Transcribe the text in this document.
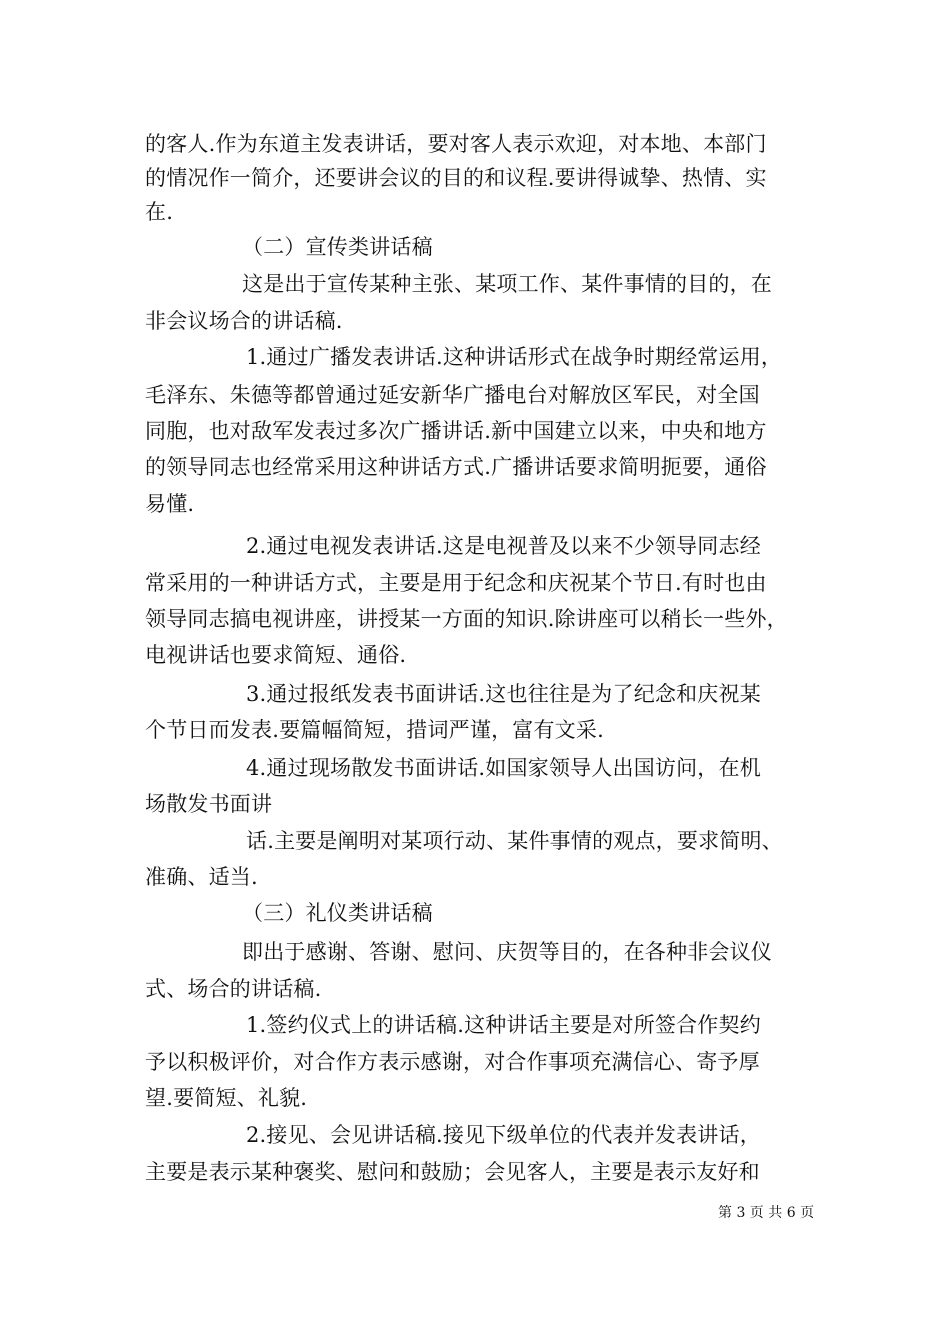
的客人.作为东道主发表讲话，要对客人表示欢迎，对本地、本部门
的情况作一简介，还要讲会议的目的和议程.要讲得诚挚、热情、实
在.
（二）宣传类讲话稿
这是出于宣传某种主张、某项工作、某件事情的目的，在
非会议场合的讲话稿.
1.通过广播发表讲话.这种讲话形式在战争时期经常运用，
毛泽东、朱德等都曾通过延安新华广播电台对解放区军民，对全国
同胞，也对敌军发表过多次广播讲话.新中国建立以来，中央和地方
的领导同志也经常采用这种讲话方式.广播讲话要求简明扼要，通俗
易懂.
2.通过电视发表讲话.这是电视普及以来不少领导同志经
常采用的一种讲话方式，主要是用于纪念和庆祝某个节日.有时也由
领导同志搞电视讲座，讲授某一方面的知识.除讲座可以稍长一些外，
电视讲话也要求简短、通俗.
3.通过报纸发表书面讲话.这也往往是为了纪念和庆祝某
个节日而发表.要篇幅简短，措词严谨，富有文采.
4.通过现场散发书面讲话.如国家领导人出国访问，在机
场散发书面讲
话.主要是阐明对某项行动、某件事情的观点，要求简明、
准确、适当.
（三）礼仪类讲话稿
即出于感谢、答谢、慰问、庆贺等目的，在各种非会议仪
式、场合的讲话稿.
1.签约仪式上的讲话稿.这种讲话主要是对所签合作契约
予以积极评价，对合作方表示感谢，对合作事项充满信心、寄予厚
望.要简短、礼貌.
2.接见、会见讲话稿.接见下级单位的代表并发表讲话，
主要是表示某种褒奖、慰问和鼓励；会见客人，主要是表示友好和
第 3 页 共 6 页
